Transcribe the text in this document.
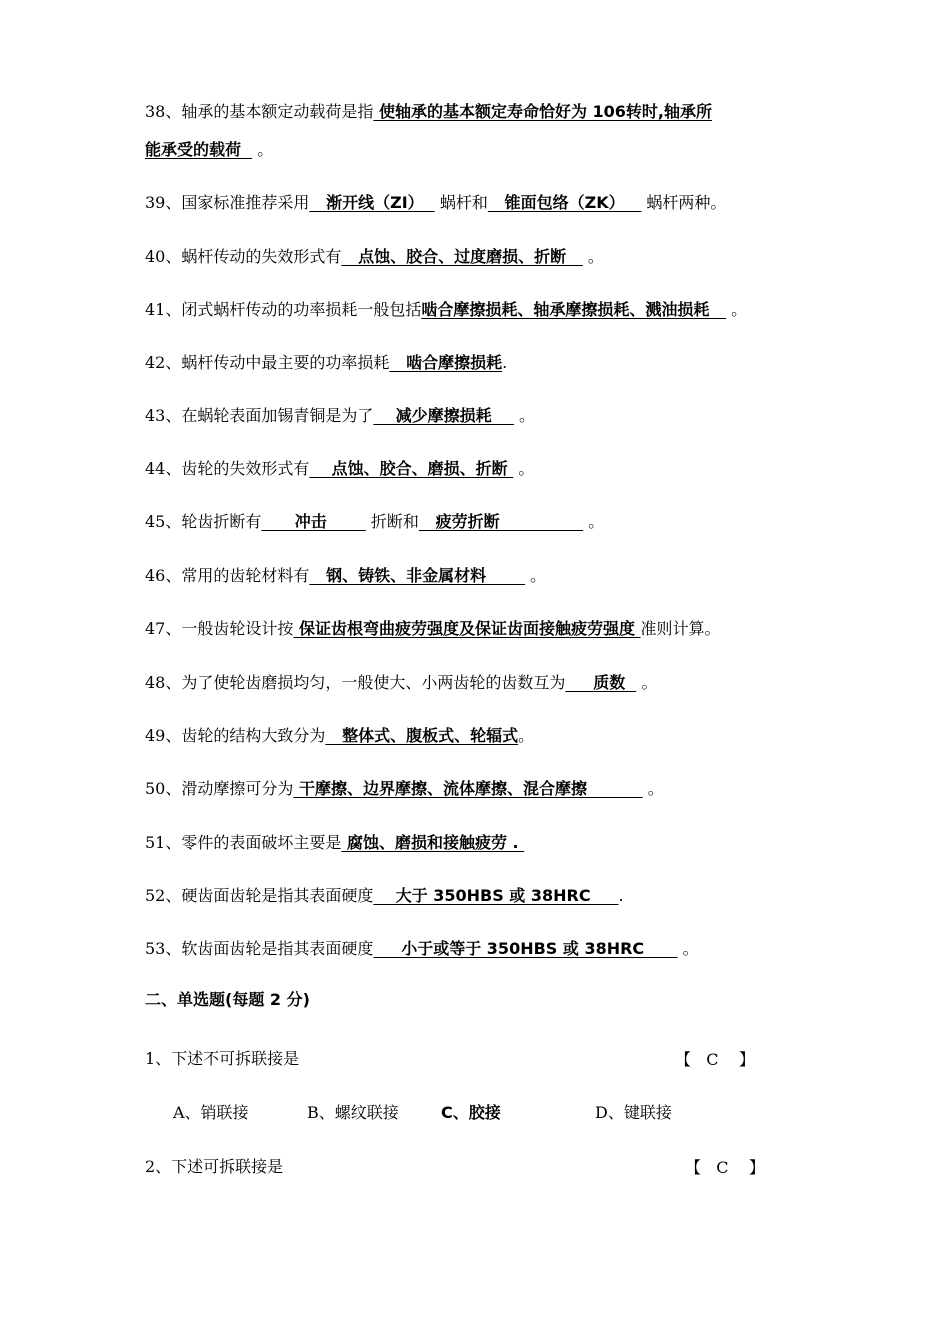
38、轴承的基本额定动载荷是指 使轴承的基本额定寿命恰好为 106转时,轴承所
能承受的载荷   。
39、国家标准推荐采用   渐开线（ZI）   蜗杆和   锥面包络（ZK）    蜗杆两种。
40、蜗杆传动的失效形式有   点蚀、胶合、过度磨损、折断    。
41、闭式蜗杆传动的功率损耗一般包括啮合摩擦损耗、轴承摩擦损耗、溅油损耗    。
42、蜗杆传动中最主要的功率损耗   啮合摩擦损耗.
43、在蜗轮表面加锡青铜是为了    减少摩擦损耗     。
44、齿轮的失效形式有    点蚀、胶合、磨损、折断  。
45、轮齿折断有      冲击        折断和   疲劳折断                。
46、常用的齿轮材料有   钢、铸铁、非金属材料        。
47、一般齿轮设计按 保证齿根弯曲疲劳强度及保证齿面接触疲劳强度 准则计算。
48、为了使轮齿磨损均匀，一般使大、小两齿轮的齿数互为     质数   。
49、齿轮的结构大致分为   整体式、腹板式、轮辐式。
50、滑动摩擦可分为 干摩擦、边界摩擦、流体摩擦、混合摩擦           。
51、零件的表面破坏主要是 腐蚀、磨损和接触疲劳 .
52、硬齿面齿轮是指其表面硬度    大于 350HBS 或 38HRC     .
53、软齿面齿轮是指其表面硬度     小于或等于 350HBS 或 38HRC       。
二、单选题(每题 2 分)
1、下述不可拆联接是	【   C    】
A、销联接	B、螺纹联接	C、胶接	D、键联接
2、下述可拆联接是	【   C    】
